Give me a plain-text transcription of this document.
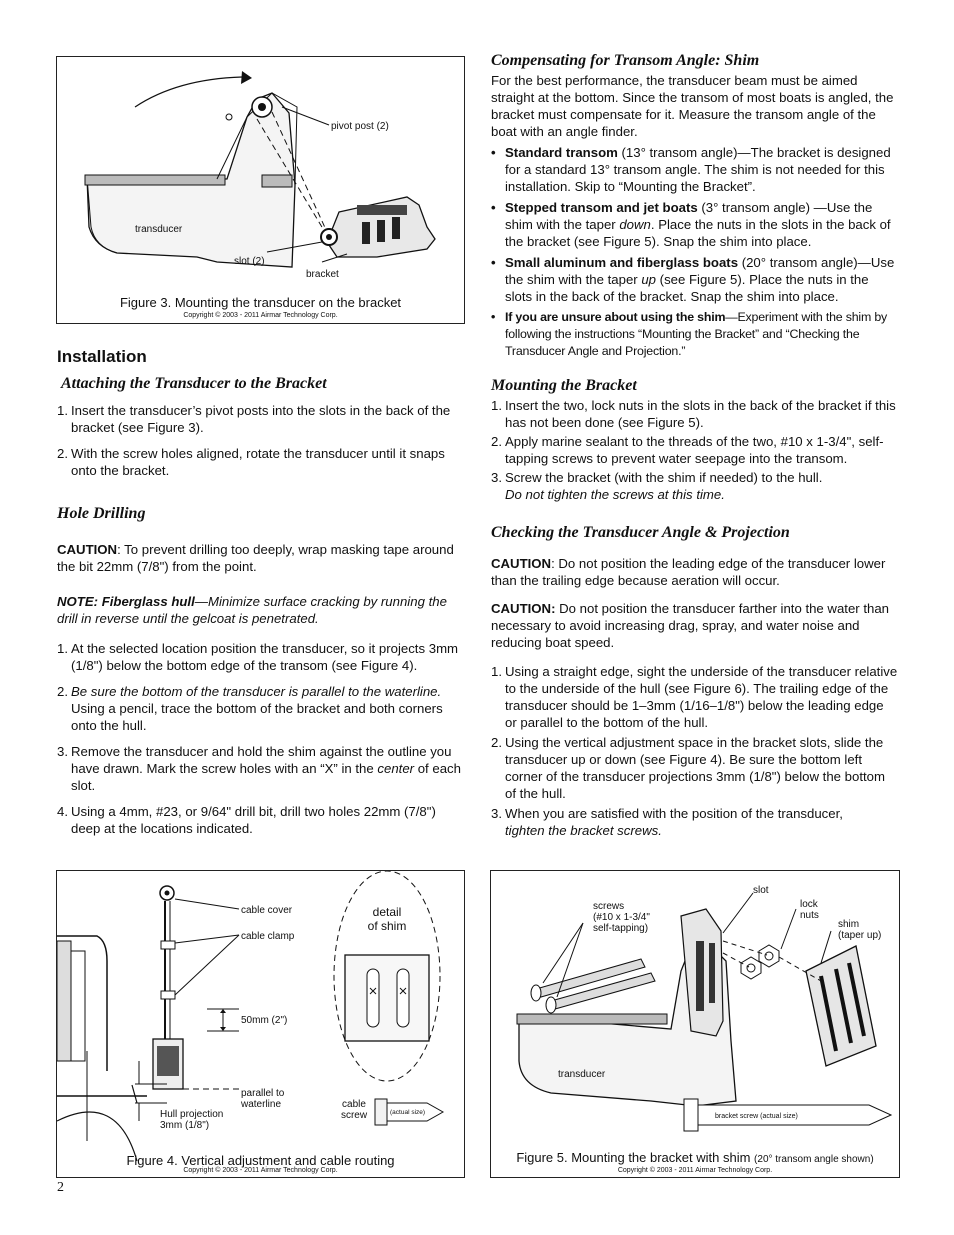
pivot post (2)
transducer
slot (2)
bracket
Figure 3. Mounting the transducer on the bracket
Copyright © 2003 - 2011 Airmar Technology Corp.
Installation
Attaching the Transducer to the Bracket
1. Insert the transducer’s pivot posts into the slots in the back of the bracket (see Figure 3).
2. With the screw holes aligned, rotate the transducer until it snaps onto the bracket.
Hole Drilling
CAUTION: To prevent drilling too deeply, wrap masking tape around the bit 22mm (7/8") from the point.
NOTE: Fiberglass hull—Minimize surface cracking by running the drill in reverse until the gelcoat is penetrated.
1. At the selected location position the transducer, so it projects 3mm (1/8") below the bottom edge of the transom (see Figure 4).
2. Be sure the bottom of the transducer is parallel to the waterline. Using a pencil, trace the bottom of the bracket and both corners onto the hull.
3. Remove the transducer and hold the shim against the outline you have drawn. Mark the screw holes with an “X” in the center of each slot.
4. Using a 4mm, #23, or 9/64" drill bit, drill two holes 22mm (7/8") deep at the locations indicated.
Compensating for Transom Angle: Shim
For the best performance, the transducer beam must be aimed straight at the bottom. Since the transom of most boats is angled, the bracket must compensate for it. Measure the transom angle of the boat with an angle finder.
• Standard transom (13° transom angle)—The bracket is designed for a standard 13° transom angle. The shim is not needed for this installation. Skip to “Mounting the Bracket”.
• Stepped transom and jet boats (3° transom angle) —Use the shim with the taper down. Place the nuts in the slots in the back of the bracket (see Figure 5). Snap the shim into place.
• Small aluminum and fiberglass boats (20° transom angle)—Use the shim with the taper up (see Figure 5). Place the nuts in the slots in the back of the bracket. Snap the shim into place.
• If you are unsure about using the shim—Experiment with the shim by following the instructions “Mounting the Bracket” and “Checking the Transducer Angle and Projection.”
Mounting the Bracket
1. Insert the two, lock nuts in the slots in the back of the bracket if this has not been done (see Figure 5).
2. Apply marine sealant to the threads of the two, #10 x 1-3/4", self-tapping screws to prevent water seepage into the transom.
3. Screw the bracket (with the shim if needed) to the hull.
Do not tighten the screws at this time.
Checking the Transducer Angle & Projection
CAUTION: Do not position the leading edge of the transducer lower than the trailing edge because aeration will occur.
CAUTION: Do not position the transducer farther into the water than necessary to avoid increasing drag, spray, and water noise and reducing boat speed.
1. Using a straight edge, sight the underside of the transducer relative to the underside of the hull (see Figure 6). The trailing edge of the transducer should be 1–3mm (1/16–1/8") below the leading edge or parallel to the bottom of the hull.
2. Using the vertical adjustment space in the bracket slots, slide the transducer up or down (see Figure 4). Be sure the bottom left corner of the transducer projections 3mm (1/8") below the bottom of the hull.
3. When you are satisfied with the position of the transducer,
tighten the bracket screws.
cable cover
cable clamp
50mm (2")
parallel to
waterline
Hull projection
3mm (1/8")
detail
of shim
cable
screw	(actual size)
Figure 4. Vertical adjustment and cable routing
Copyright © 2003 - 2011 Airmar Technology Corp.
screws
(#10 x 1-3/4"
self-tapping)
slot
lock
nuts
shim
(taper up)
transducer
bracket screw (actual size)
Figure 5. Mounting the bracket with shim (20° transom angle shown)
Copyright © 2003 - 2011 Airmar Technology Corp.
2
